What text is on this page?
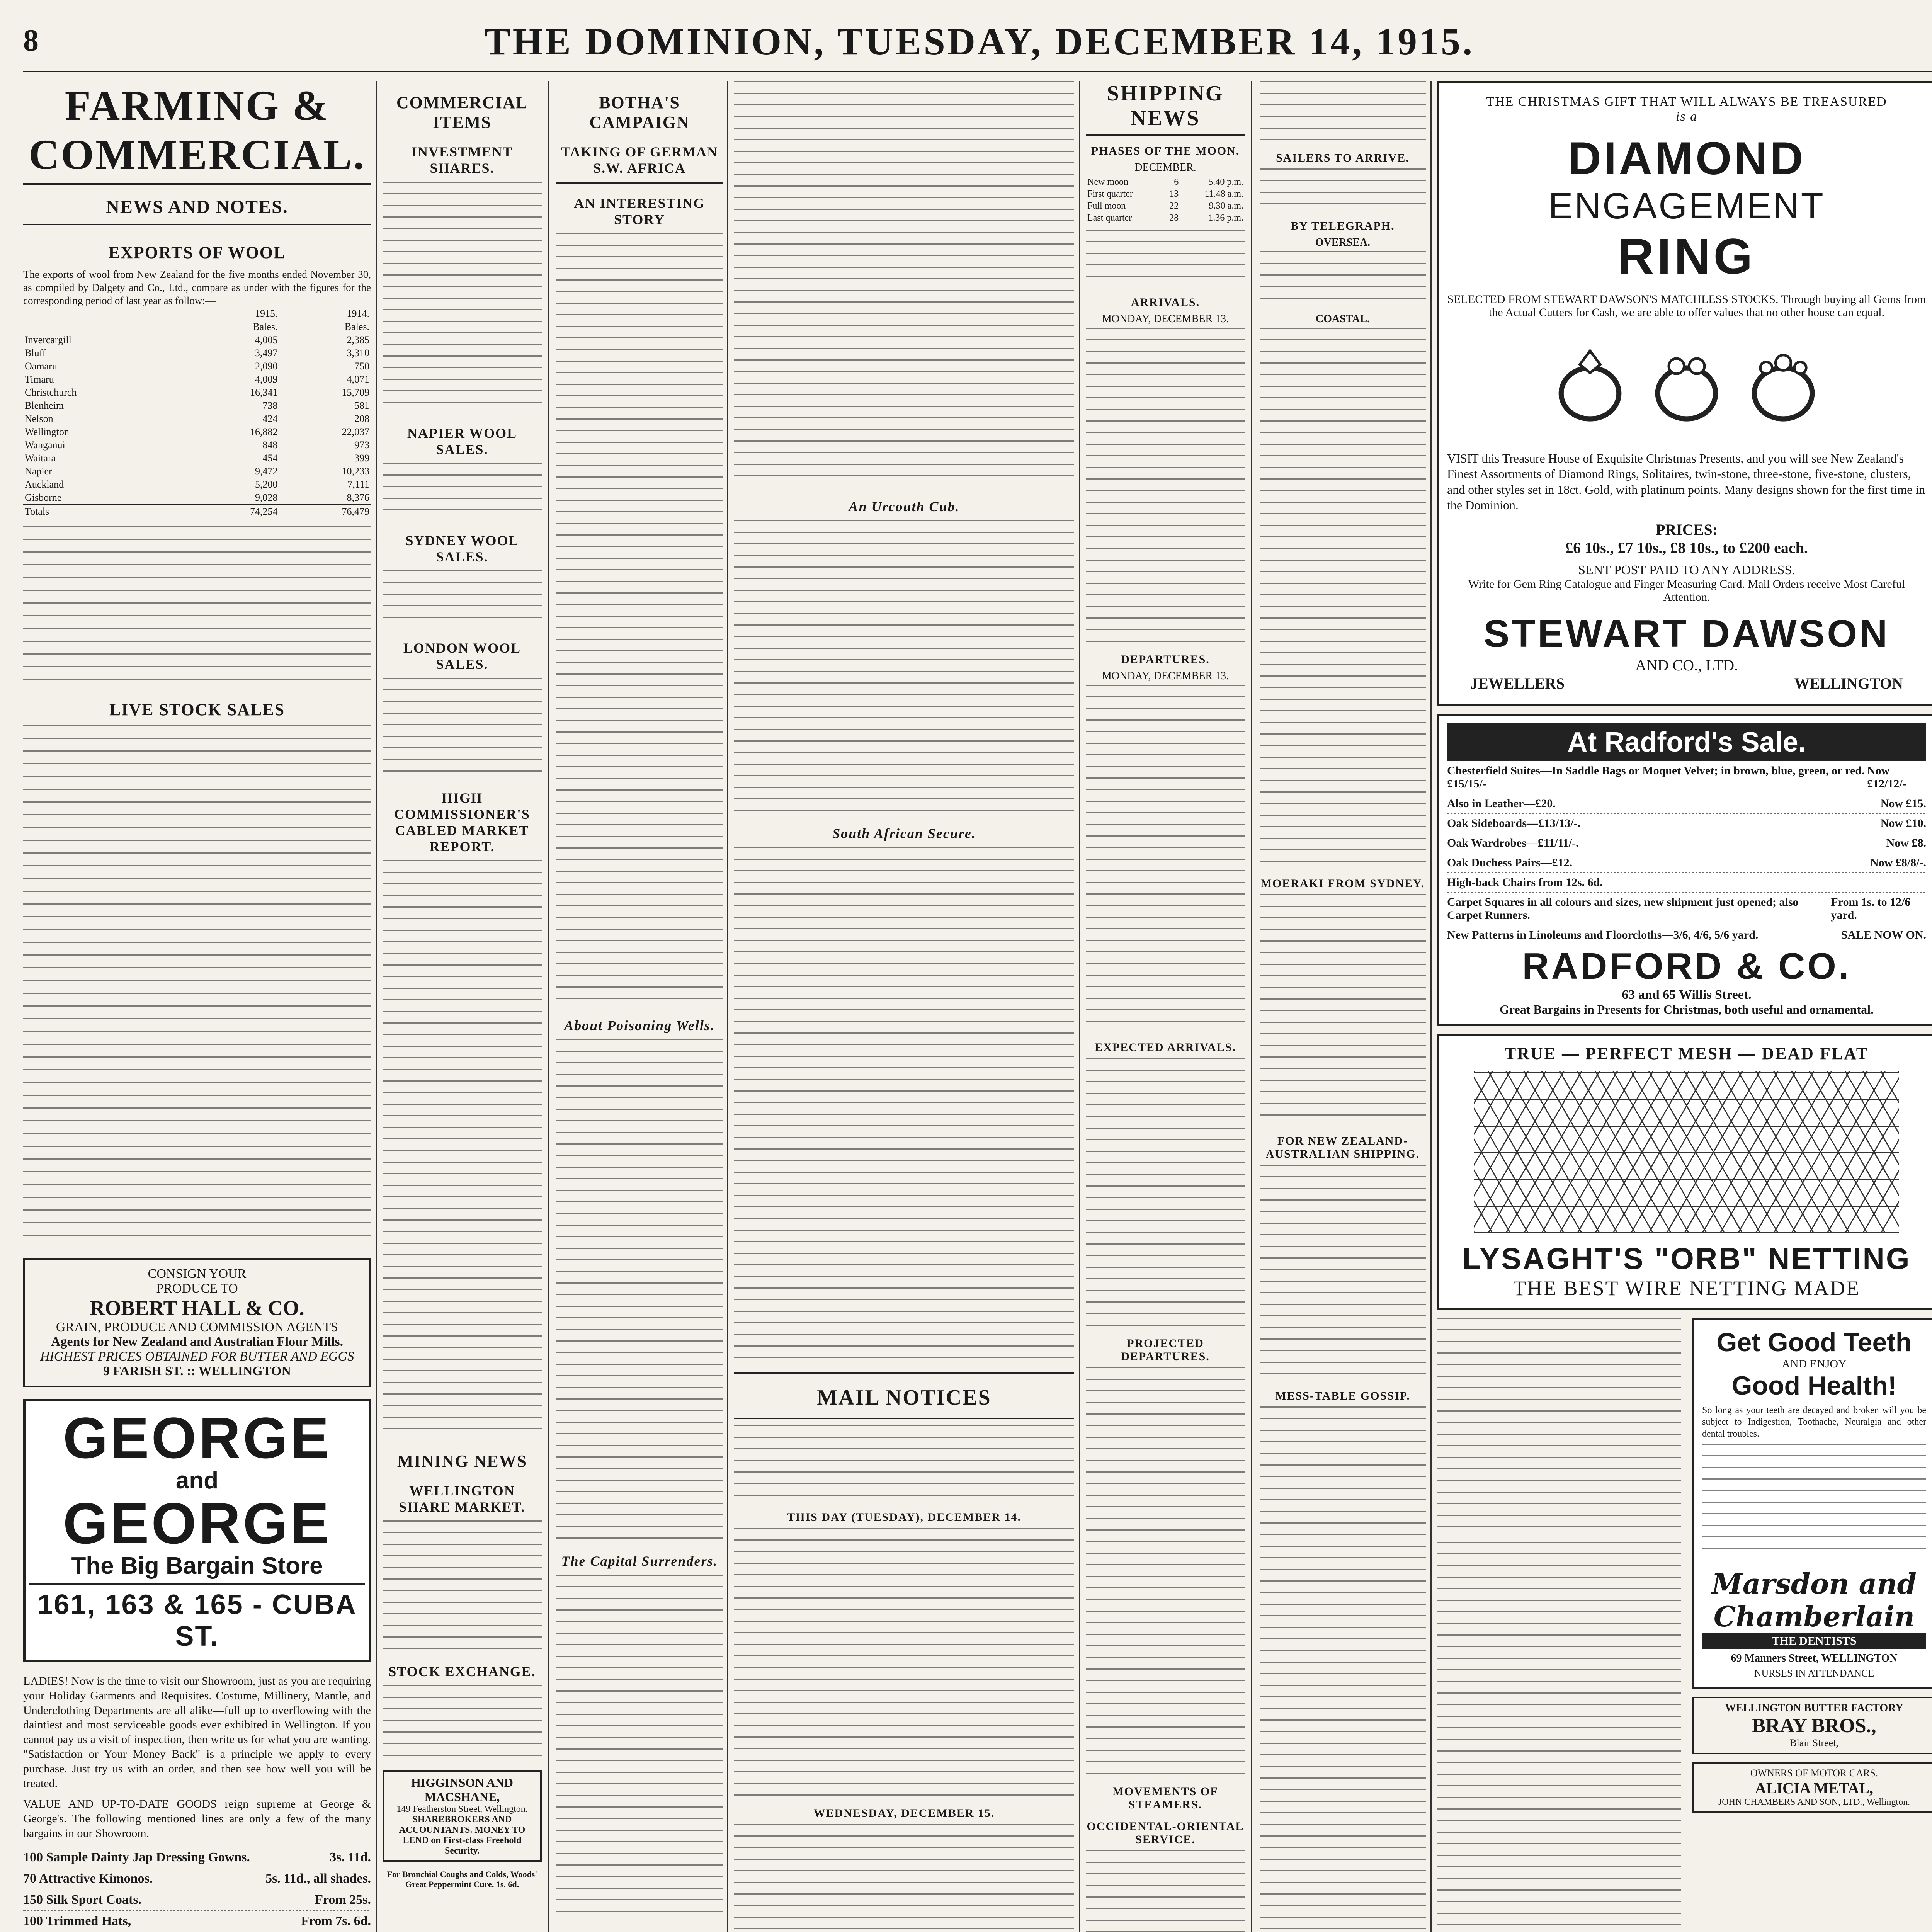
8	THE DOMINION, TUESDAY, DECEMBER 14, 1915.
FARMING & COMMERCIAL.
NEWS AND NOTES.
EXPORTS OF WOOL
The exports of wool from New Zealand for the five months ended November 30, as compiled by Dalgety and Co., Ltd., compare as under with the figures for the corresponding period of last year as follow:—
	1915.	1914.
	Bales.	Bales.
Invercargill	4,005	2,385
Bluff	3,497	3,310
Oamaru	2,090	750
Timaru	4,009	4,071
Christchurch	16,341	15,709
Blenheim	738	581
Nelson	424	208
Wellington	16,882	22,037
Wanganui	848	973
Waitara	454	399
Napier	9,472	10,233
Auckland	5,200	7,111
Gisborne	9,028	8,376
Totals	74,254	76,479
LIVE STOCK SALES
CONSIGN YOUR
PRODUCE TO
ROBERT HALL & CO.
GRAIN, PRODUCE AND COMMISSION AGENTS
Agents for New Zealand and Australian Flour Mills.
HIGHEST PRICES OBTAINED FOR BUTTER AND EGGS
9 FARISH ST. :: WELLINGTON
GEORGE
and
GEORGE
The Big Bargain Store
161, 163 & 165 - CUBA ST.
LADIES! Now is the time to visit our Showroom, just as you are requiring your Holiday Garments and Requisites. Costume, Millinery, Mantle, and Underclothing Departments are all alike—full up to overflowing with the daintiest and most serviceable goods ever exhibited in Wellington. If you cannot pay us a visit of inspection, then write us for what you are wanting. "Satisfaction or Your Money Back" is a principle we apply to every purchase. Just try us with an order, and then see how well you will be treated.
VALUE AND UP-TO-DATE GOODS reign supreme at George & George's. The following mentioned lines are only a few of the many bargains in our Showroom.
100 Sample Dainty Jap Dressing Gowns.	3s. 11d.
70 Attractive Kimonos.	5s. 11d., all shades.
150 Silk Sport Coats.	From 25s.
100 Trimmed Hats,	From 7s. 6d.
COMMERCIAL ITEMS
INVESTMENT SHARES.
NAPIER WOOL SALES.
SYDNEY WOOL SALES.
LONDON WOOL SALES.
HIGH COMMISSIONER'S CABLED MARKET REPORT.
MINING NEWS
WELLINGTON SHARE MARKET.
STOCK EXCHANGE.
HIGGINSON AND MACSHANE,
149 Featherston Street, Wellington.
SHAREBROKERS AND ACCOUNTANTS. MONEY TO LEND on First-class Freehold Security.
For Bronchial Coughs and Colds, Woods' Great Peppermint Cure. 1s. 6d.
BOTHA'S CAMPAIGN
TAKING OF GERMAN S.W. AFRICA
AN INTERESTING STORY
About Poisoning Wells.
The Capital Surrenders.
An Urcouth Cub.
South African Secure.
MAIL NOTICES
THIS DAY (TUESDAY), DECEMBER 14.
WEDNESDAY, DECEMBER 15.
SHIPPING NEWS
PHASES OF THE MOON.
DECEMBER.
New moon	6	5.40 p.m.
First quarter	13	11.48 a.m.
Full moon	22	9.30 a.m.
Last quarter	28	1.36 p.m.
ARRIVALS.
MONDAY, DECEMBER 13.
DEPARTURES.
MONDAY, DECEMBER 13.
EXPECTED ARRIVALS.
PROJECTED DEPARTURES.
MOVEMENTS OF STEAMERS.
OCCIDENTAL-ORIENTAL SERVICE.
SAILERS TO ARRIVE.
BY TELEGRAPH.
OVERSEA.
COASTAL.
MOERAKI FROM SYDNEY.
FOR NEW ZEALAND-AUSTRALIAN SHIPPING.
MESS-TABLE GOSSIP.
THE CHRISTMAS GIFT THAT WILL ALWAYS BE TREASURED
is a
DIAMOND
ENGAGEMENT
RING
SELECTED FROM STEWART DAWSON'S MATCHLESS STOCKS. Through buying all Gems from the Actual Cutters for Cash, we are able to offer values that no other house can equal.
VISIT this Treasure House of Exquisite Christmas Presents, and you will see New Zealand's Finest Assortments of Diamond Rings, Solitaires, twin-stone, three-stone, five-stone, clusters, and other styles set in 18ct. Gold, with platinum points. Many designs shown for the first time in the Dominion.
PRICES:
£6 10s., £7 10s., £8 10s., to £200 each.
SENT POST PAID TO ANY ADDRESS.
Write for Gem Ring Catalogue and Finger Measuring Card. Mail Orders receive Most Careful Attention.
STEWART DAWSON
AND CO., LTD.
JEWELLERS	WELLINGTON
At Radford's Sale.
Chesterfield Suites—In Saddle Bags or Moquet Velvet; in brown, blue, green, or red. £15/15/-
Now £12/12/-
Also in Leather—£20.	Now £15.
Oak Sideboards—£13/13/-.	Now £10.
Oak Wardrobes—£11/11/-.	Now £8.
Oak Duchess Pairs—£12.	Now £8/8/-.
High-back Chairs from 12s. 6d.
Carpet Squares in all colours and sizes, new shipment just opened; also Carpet Runners.
From 1s. to 12/6 yard.
New Patterns in Linoleums and Floorcloths—3/6, 4/6, 5/6 yard.	SALE NOW ON.
RADFORD & CO.
63 and 65 Willis Street.
Great Bargains in Presents for Christmas, both useful and ornamental.
TRUE — PERFECT MESH — DEAD FLAT
LYSAGHT'S "ORB" NETTING
THE BEST WIRE NETTING MADE
Get Good Teeth
AND ENJOY
Good Health!
So long as your teeth are decayed and broken will you be subject to Indigestion, Toothache, Neuralgia and other dental troubles.
Marsdon and Chamberlain
THE DENTISTS
69 Manners Street, WELLINGTON
NURSES IN ATTENDANCE
WELLINGTON BUTTER FACTORY
BRAY BROS.,
Blair Street,
OWNERS OF MOTOR CARS.
ALICIA METAL,
JOHN CHAMBERS AND SON, LTD., Wellington.
